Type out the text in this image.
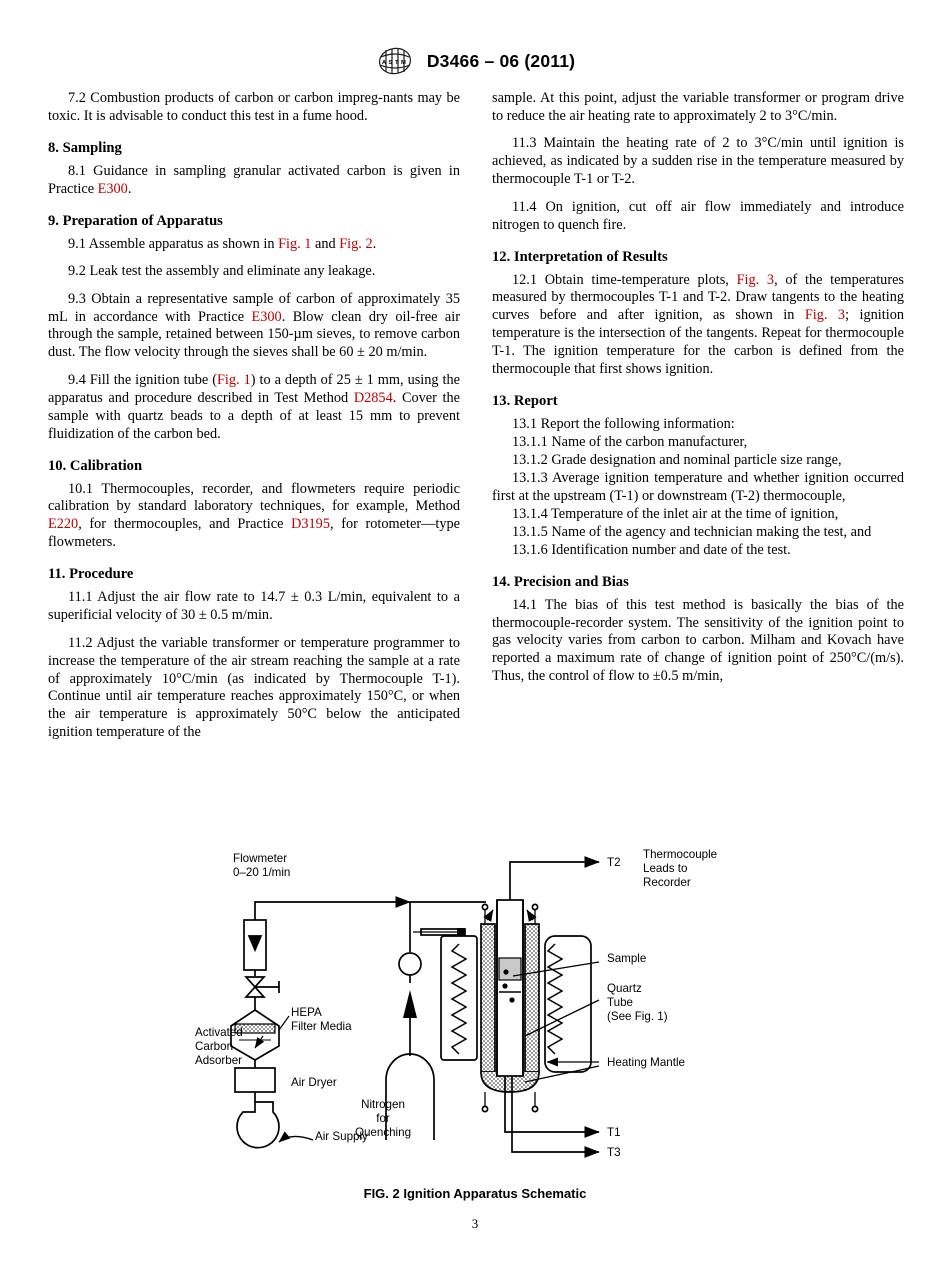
A S T M D3466 – 06 (2011)

7.2 Combustion products of carbon or carbon impreg-nants may be toxic. It is advisable to conduct this test in a fume hood.

8. Sampling

8.1 Guidance in sampling granular activated carbon is given in Practice E300.

9. Preparation of Apparatus

9.1 Assemble apparatus as shown in Fig. 1 and Fig. 2.

9.2 Leak test the assembly and eliminate any leakage.

9.3 Obtain a representative sample of carbon of approximately 35 mL in accordance with Practice E300. Blow clean dry oil-free air through the sample, retained between 150-µm sieves, to remove carbon dust. The flow velocity through the sieves shall be 60 ± 20 m/min.

9.4 Fill the ignition tube (Fig. 1) to a depth of 25 ± 1 mm, using the apparatus and procedure described in Test Method D2854. Cover the sample with quartz beads to a depth of at least 15 mm to prevent fluidization of the carbon bed.

10. Calibration

10.1 Thermocouples, recorder, and flowmeters require periodic calibration by standard laboratory techniques, for example, Method E220, for thermocouples, and Practice D3195, for rotometer—type flowmeters.

11. Procedure

11.1 Adjust the air flow rate to 14.7 ± 0.3 L/min, equivalent to a superificial velocity of 30 ± 0.5 m/min.

11.2 Adjust the variable transformer or temperature programmer to increase the temperature of the air stream reaching the sample at a rate of approximately 10°C/min (as indicated by Thermocouple T-1). Continue until air temperature reaches approximately 150°C, or when the air temperature is approximately 50°C below the anticipated ignition temperature of the

sample. At this point, adjust the variable transformer or program drive to reduce the air heating rate to approximately 2 to 3°C/min.

11.3 Maintain the heating rate of 2 to 3°C/min until ignition is achieved, as indicated by a sudden rise in the temperature measured by thermocouple T-1 or T-2.

11.4 On ignition, cut off air flow immediately and introduce nitrogen to quench fire.

12. Interpretation of Results

12.1 Obtain time-temperature plots, Fig. 3, of the temperatures measured by thermocouples T-1 and T-2. Draw tangents to the heating curves before and after ignition, as shown in Fig. 3; ignition temperature is the intersection of the tangents. Repeat for thermocouple T-1. The ignition temperature for the carbon is defined from the thermocouple that first shows ignition.

13. Report

13.1 Report the following information:

13.1.1 Name of the carbon manufacturer,

13.1.2 Grade designation and nominal particle size range,

13.1.3 Average ignition temperature and whether ignition occurred first at the upstream (T-1) or downstream (T-2) thermocouple,

13.1.4 Temperature of the inlet air at the time of ignition,

13.1.5 Name of the agency and technician making the test, and

13.1.6 Identification number and date of the test.

14. Precision and Bias

14.1 The bias of this test method is basically the bias of the thermocouple-recorder system. The sensitivity of the ignition point to gas velocity varies from carbon to carbon. Milham and Kovach have reported a maximum rate of change of ignition point of 250°C/(m/s). Thus, the control of flow to ±0.5 m/min,

Flowmeter
0–20 1/min
HEPA
Filter Media
Activated
Carbon
Adsorber
Air Dryer
Air Supply
Nitrogen
for
Quenching
T2
Thermocouple
Leads to
Recorder
T1
T3
Sample
Quartz
Tube
(See Fig. 1)
Heating Mantle
FIG. 2 Ignition Apparatus Schematic
3
